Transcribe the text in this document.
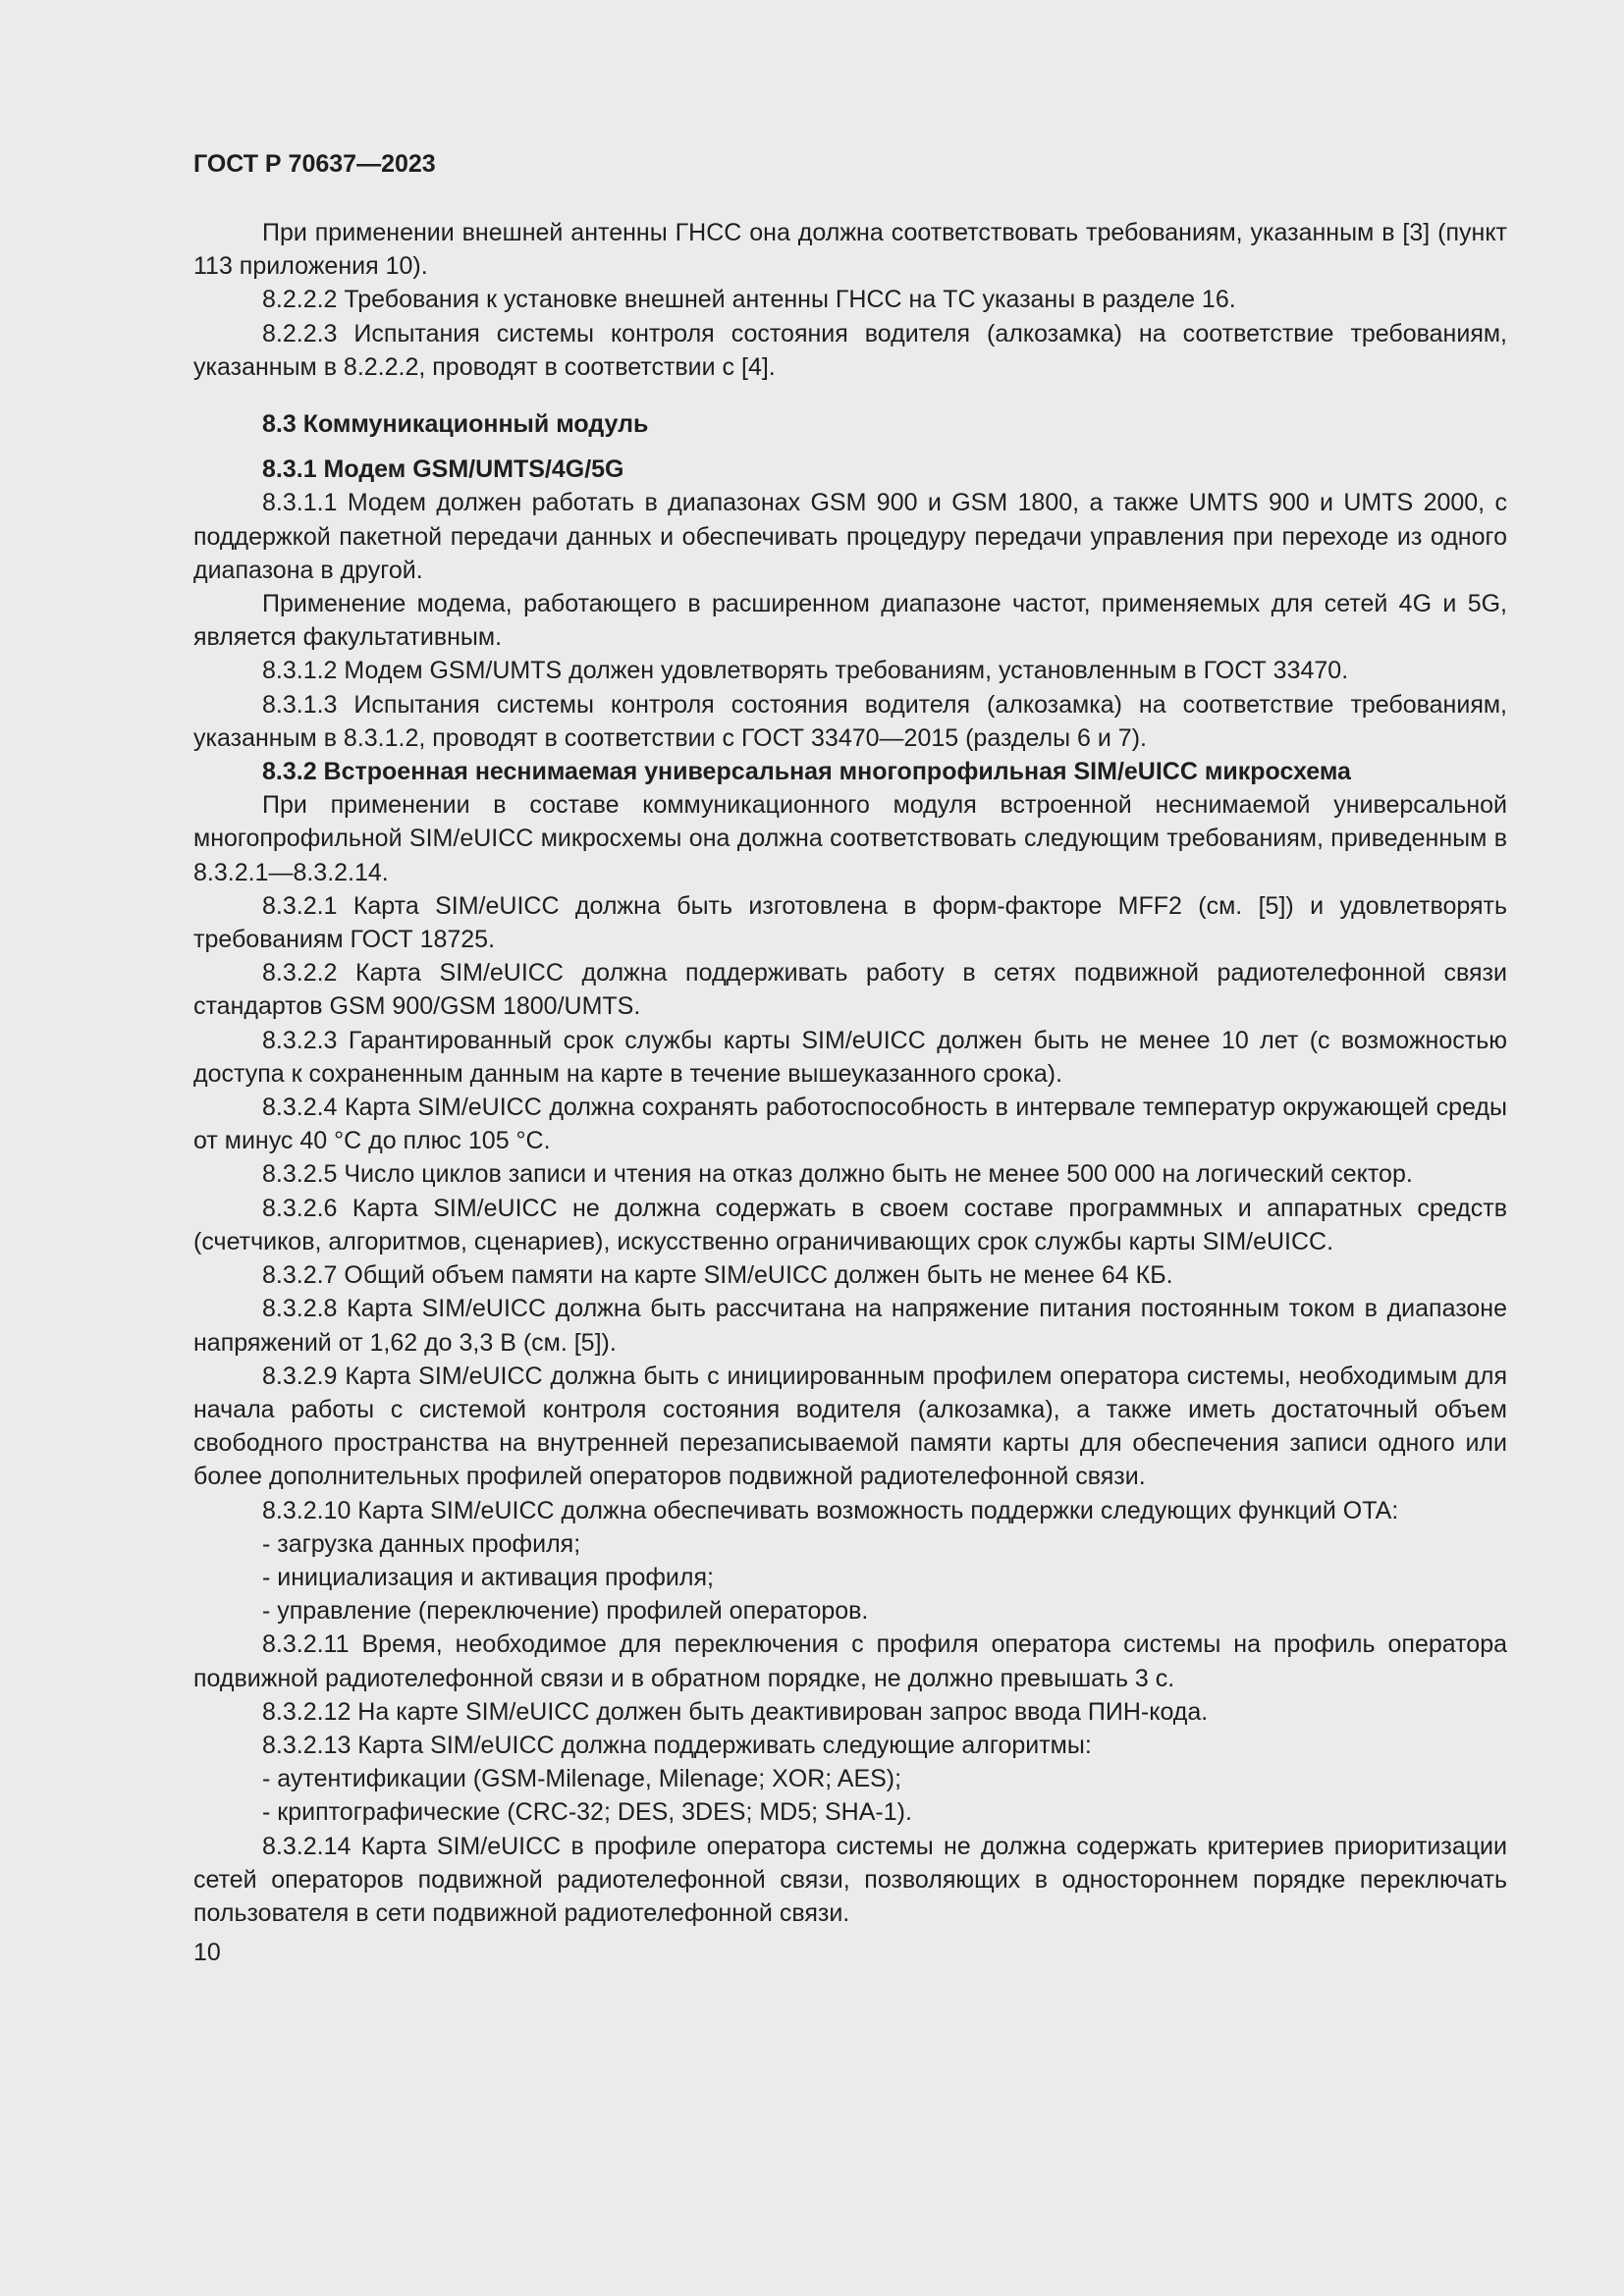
ГОСТ Р 70637—2023

При применении внешней антенны ГНСС она должна соответствовать требованиям, указанным в [3] (пункт 113 приложения 10).

8.2.2.2 Требования к установке внешней антенны ГНСС на ТС указаны в разделе 16.

8.2.2.3 Испытания системы контроля состояния водителя (алкозамка) на соответствие требованиям, указанным в 8.2.2.2, проводят в соответствии с [4].

8.3 Коммуникационный модуль

8.3.1 Модем GSM/UMTS/4G/5G

8.3.1.1 Модем должен работать в диапазонах GSM 900 и GSM 1800, а также UMTS 900 и UMTS 2000, с поддержкой пакетной передачи данных и обеспечивать процедуру передачи управления при переходе из одного диапазона в другой.

Применение модема, работающего в расширенном диапазоне частот, применяемых для сетей 4G и 5G, является факультативным.

8.3.1.2 Модем GSM/UMTS должен удовлетворять требованиям, установленным в ГОСТ 33470.

8.3.1.3 Испытания системы контроля состояния водителя (алкозамка) на соответствие требованиям, указанным в 8.3.1.2, проводят в соответствии с ГОСТ 33470—2015 (разделы 6 и 7).

8.3.2 Встроенная неснимаемая универсальная многопрофильная SIM/eUICC микросхема

При применении в составе коммуникационного модуля встроенной неснимаемой универсальной многопрофильной SIM/eUICC микросхемы она должна соответствовать следующим требованиям, приведенным в 8.3.2.1—8.3.2.14.

8.3.2.1 Карта SIM/eUICC должна быть изготовлена в форм-факторе MFF2 (см. [5]) и удовлетворять требованиям ГОСТ 18725.

8.3.2.2 Карта SIM/eUICC должна поддерживать работу в сетях подвижной радиотелефонной связи стандартов GSM 900/GSM 1800/UMTS.

8.3.2.3 Гарантированный срок службы карты SIM/eUICC должен быть не менее 10 лет (с возможностью доступа к сохраненным данным на карте в течение вышеуказанного срока).

8.3.2.4 Карта SIM/eUICC должна сохранять работоспособность в интервале температур окружающей среды от минус 40 °С до плюс 105 °С.

8.3.2.5 Число циклов записи и чтения на отказ должно быть не менее 500 000 на логический сектор.

8.3.2.6 Карта SIM/eUICC не должна содержать в своем составе программных и аппаратных средств (счетчиков, алгоритмов, сценариев), искусственно ограничивающих срок службы карты SIM/eUICC.

8.3.2.7 Общий объем памяти на карте SIM/eUICC должен быть не менее 64 КБ.

8.3.2.8 Карта SIM/eUICC должна быть рассчитана на напряжение питания постоянным током в диапазоне напряжений от 1,62 до 3,3 В (см. [5]).

8.3.2.9 Карта SIM/eUICC должна быть с инициированным профилем оператора системы, необходимым для начала работы с системой контроля состояния водителя (алкозамка), а также иметь достаточный объем свободного пространства на внутренней перезаписываемой памяти карты для обеспечения записи одного или более дополнительных профилей операторов подвижной радиотелефонной связи.

8.3.2.10 Карта SIM/eUICC должна обеспечивать возможность поддержки следующих функций OTA:

- загрузка данных профиля;

- инициализация и активация профиля;

- управление (переключение) профилей операторов.

8.3.2.11 Время, необходимое для переключения с профиля оператора системы на профиль оператора подвижной радиотелефонной связи и в обратном порядке, не должно превышать 3 с.

8.3.2.12 На карте SIM/eUICC должен быть деактивирован запрос ввода ПИН-кода.

8.3.2.13 Карта SIM/eUICC должна поддерживать следующие алгоритмы:

- аутентификации (GSM-Milenage, Milenage; XOR; AES);

- криптографические (CRC-32; DES, 3DES; MD5; SHA-1).

8.3.2.14 Карта SIM/eUICC в профиле оператора системы не должна содержать критериев приоритизации сетей операторов подвижной радиотелефонной связи, позволяющих в одностороннем порядке переключать пользователя в сети подвижной радиотелефонной связи.

10
